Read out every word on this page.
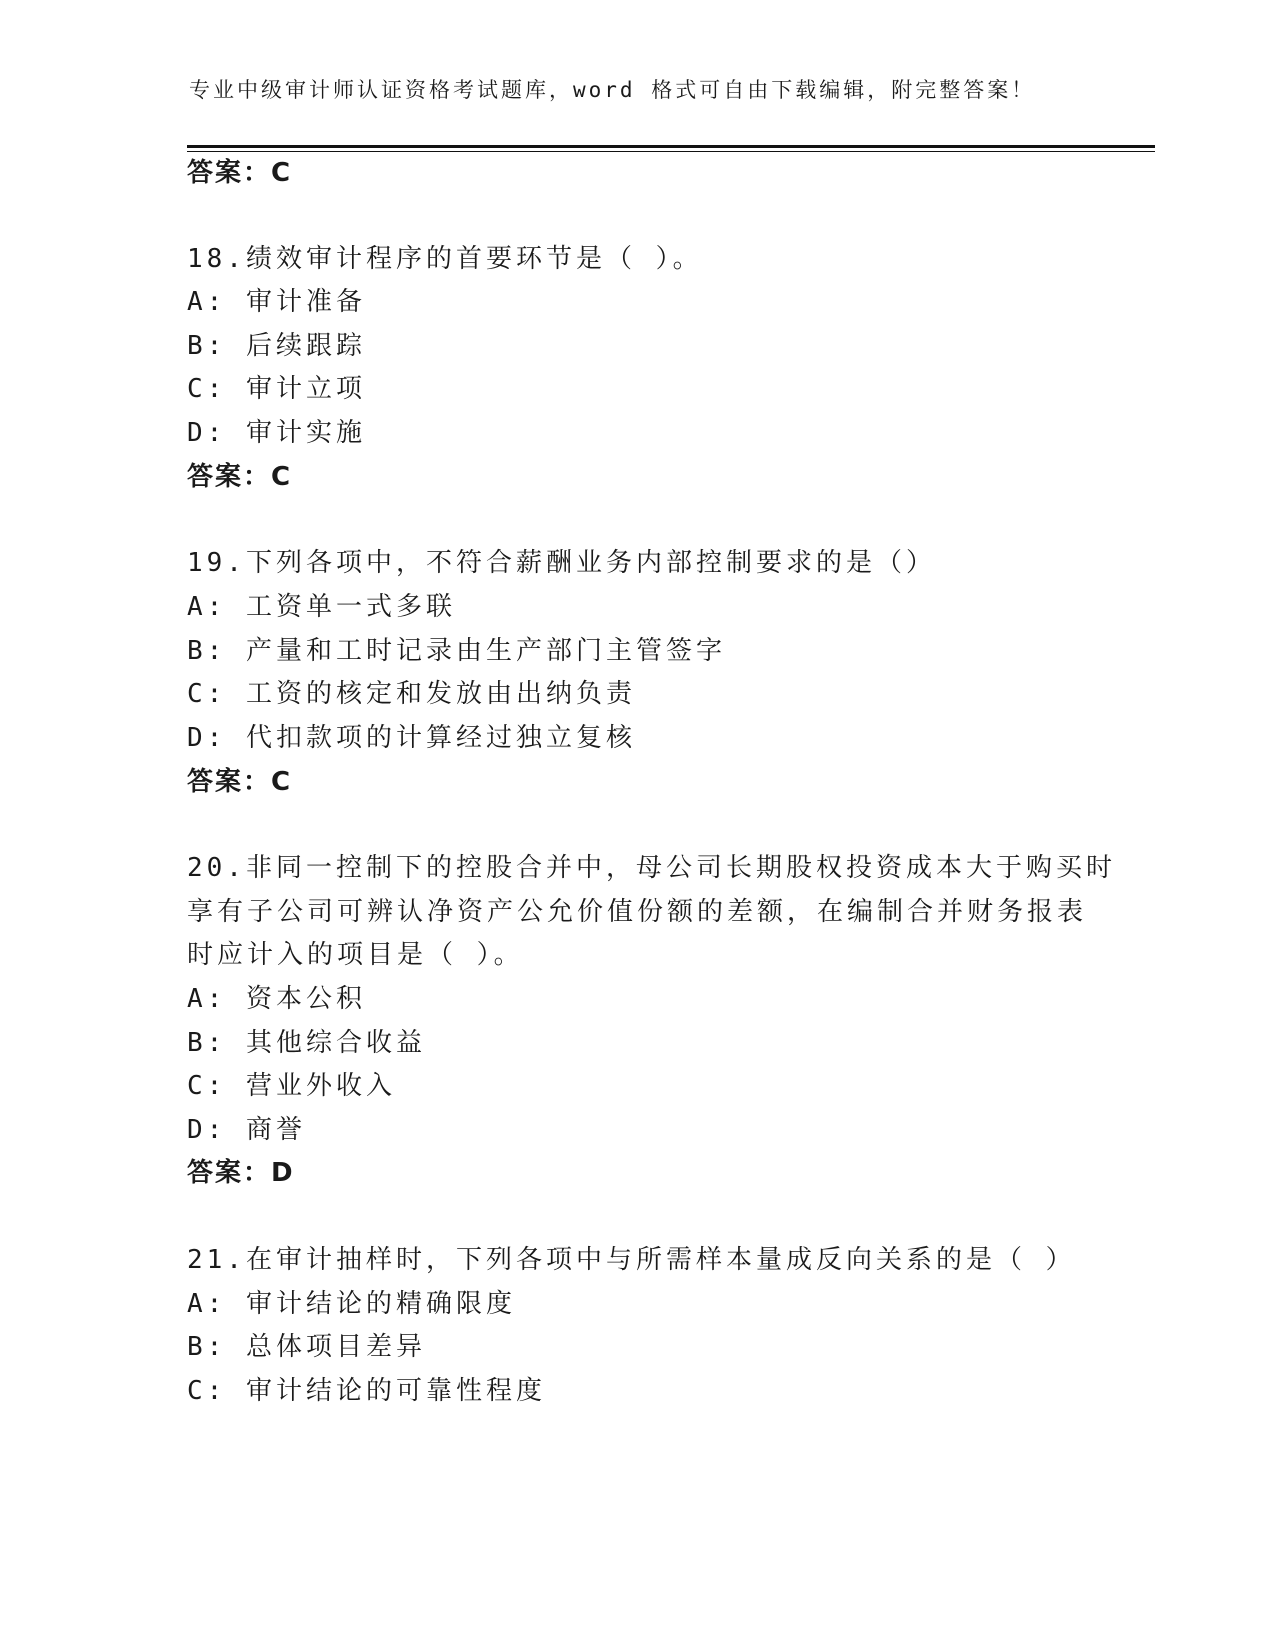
专业中级审计师认证资格考试题库，word 格式可自由下载编辑，附完整答案！
答案：C
18.绩效审计程序的首要环节是（ ）。
A: 审计准备
B: 后续跟踪
C: 审计立项
D: 审计实施
答案：C
19.下列各项中，不符合薪酬业务内部控制要求的是（）
A: 工资单一式多联
B: 产量和工时记录由生产部门主管签字
C: 工资的核定和发放由出纳负责
D: 代扣款项的计算经过独立复核
答案：C
20.非同一控制下的控股合并中，母公司长期股权投资成本大于购买时
享有子公司可辨认净资产公允价值份额的差额，在编制合并财务报表
时应计入的项目是（ ）。
A: 资本公积
B: 其他综合收益
C: 营业外收入
D: 商誉
答案：D
21.在审计抽样时，下列各项中与所需样本量成反向关系的是（ ）
A: 审计结论的精确限度
B: 总体项目差异
C: 审计结论的可靠性程度
